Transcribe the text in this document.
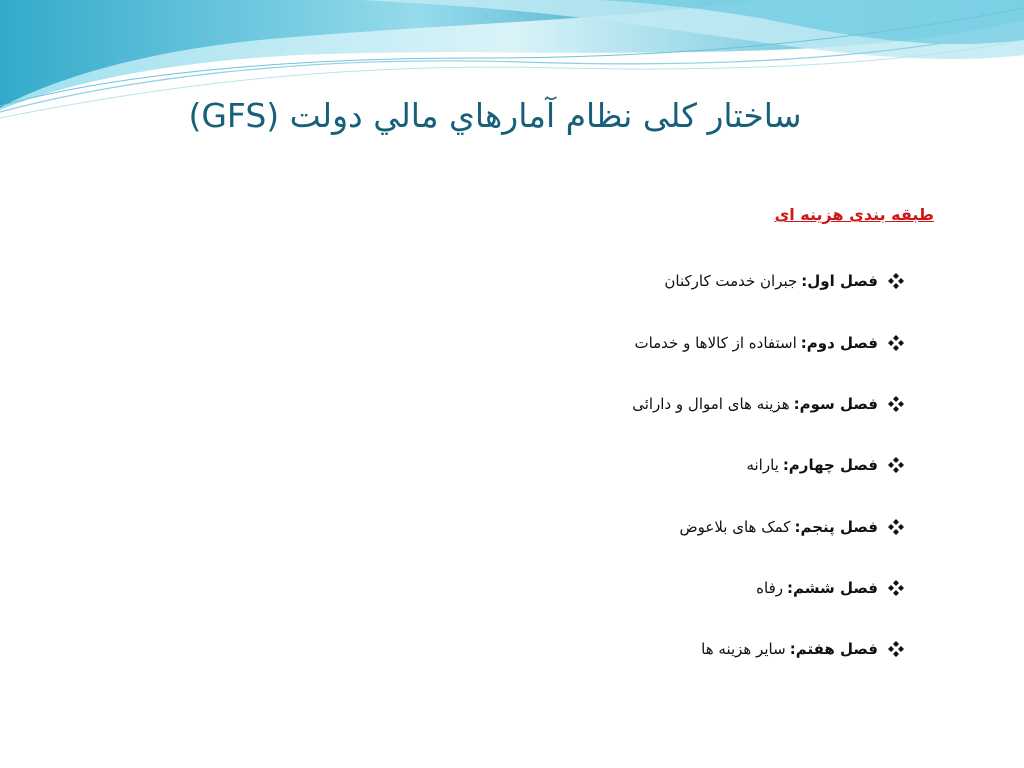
ساختار کلی نظام آمارهاي مالي دولت (GFS)
طبقه بندی هزینه ای
فصل اول:
جبران خدمت کارکنان
فصل دوم:
استفاده از کالاها و خدمات
فصل سوم:
هزینه های اموال و دارائی
فصل چهارم:
یارانه
فصل پنجم:
کمک های بلاعوض
فصل ششم:
رفاه
فصل هفتم:
سایر هزینه ها
